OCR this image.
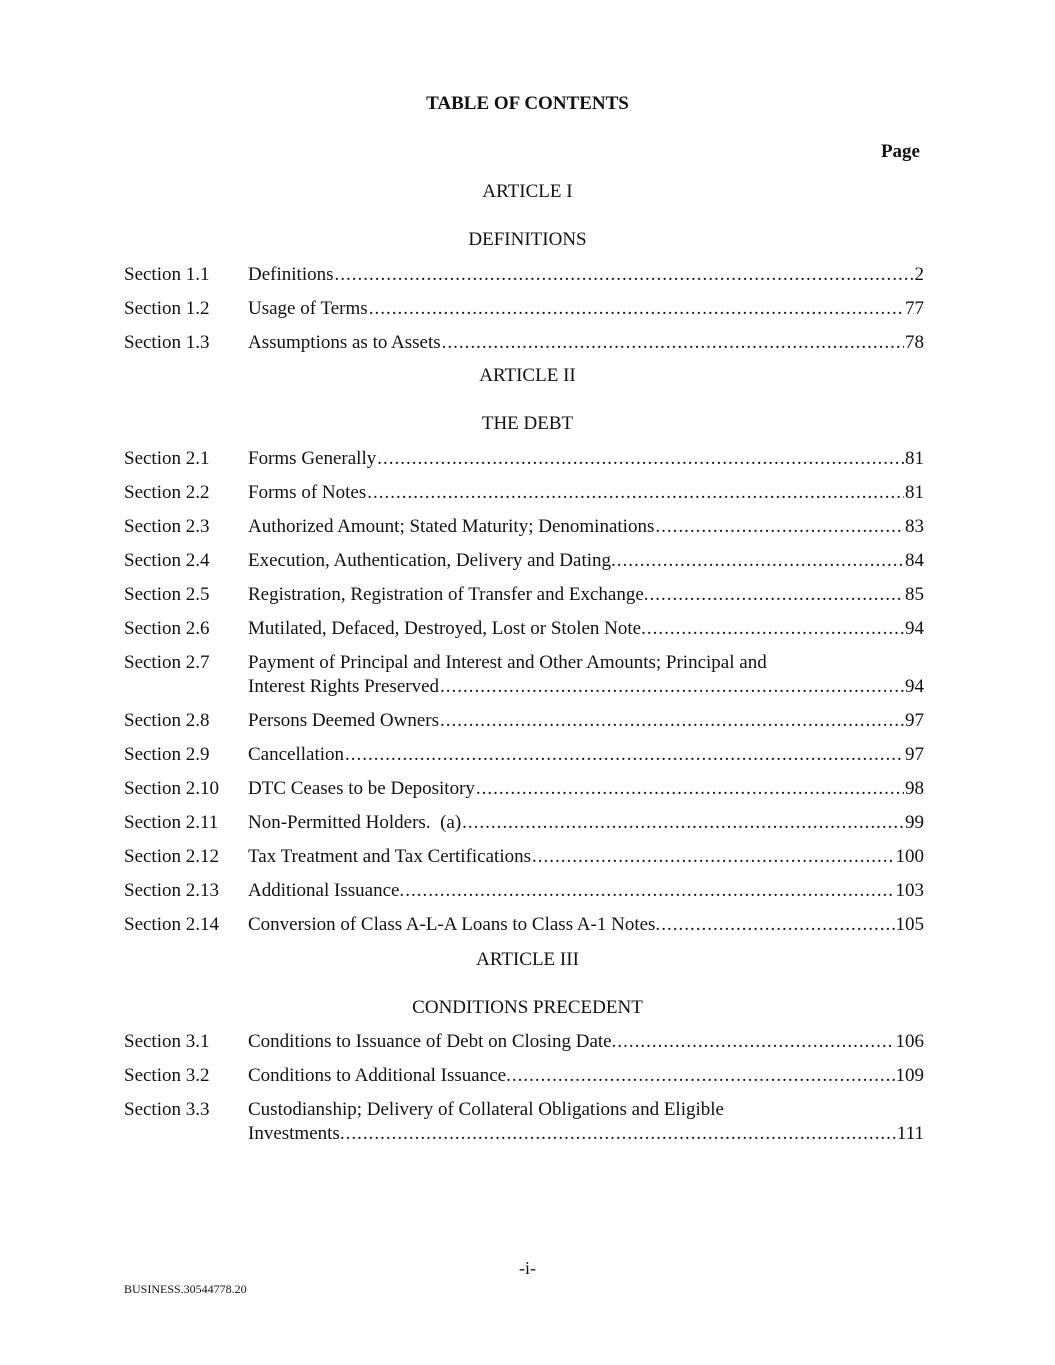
TABLE OF CONTENTS
Page
ARTICLE I
DEFINITIONS
Section 1.1 Definitions .....	2
Section 1.2 Usage of Terms .....	77
Section 1.3 Assumptions as to Assets .....	78
ARTICLE II
THE DEBT
Section 2.1 Forms Generally .....	81
Section 2.2 Forms of Notes .....	81
Section 2.3 Authorized Amount; Stated Maturity; Denominations .....	83
Section 2.4 Execution, Authentication, Delivery and Dating. .....	84
Section 2.5 Registration, Registration of Transfer and Exchange. .....	85
Section 2.6 Mutilated, Defaced, Destroyed, Lost or Stolen Note. .....	94
Section 2.7 Payment of Principal and Interest and Other Amounts; Principal and
Interest Rights Preserved .....	94
Section 2.8 Persons Deemed Owners .....	97
Section 2.9 Cancellation .....	97
Section 2.10 DTC Ceases to be Depository .....	98
Section 2.11 Non-Permitted Holders.  (a) .....	99
Section 2.12 Tax Treatment and Tax Certifications .....	100
Section 2.13 Additional Issuance. .....	103
Section 2.14 Conversion of Class A-L-A Loans to Class A-1 Notes. .....	105
ARTICLE III
CONDITIONS PRECEDENT
Section 3.1 Conditions to Issuance of Debt on Closing Date. .....	106
Section 3.2 Conditions to Additional Issuance. .....	109
Section 3.3 Custodianship; Delivery of Collateral Obligations and Eligible
Investments. .....	111
-i-
BUSINESS.30544778.20
